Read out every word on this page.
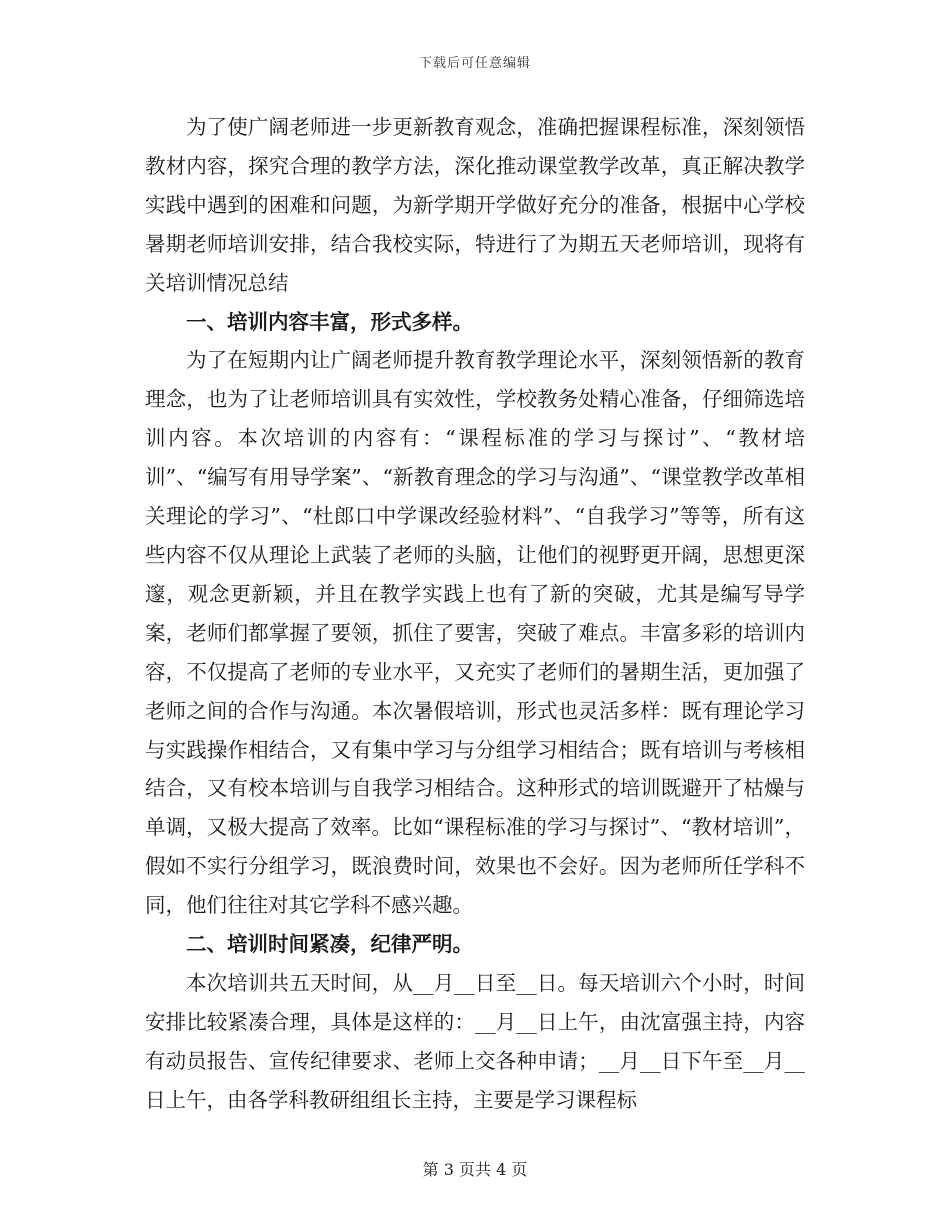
下载后可任意编辑

为了使广阔老师进一步更新教育观念，准确把握课程标准，深刻领悟教材内容，探究合理的教学方法，深化推动课堂教学改革，真正解决教学实践中遇到的困难和问题，为新学期开学做好充分的准备，根据中心学校暑期老师培训安排，结合我校实际，特进行了为期五天老师培训，现将有关培训情况总结

一、培训内容丰富，形式多样。

为了在短期内让广阔老师提升教育教学理论水平，深刻领悟新的教育理念，也为了让老师培训具有实效性，学校教务处精心准备，仔细筛选培训内容。本次培训的内容有：“课程标准的学习与探讨”、“教材培训”、“编写有用导学案”、“新教育理念的学习与沟通”、“课堂教学改革相关理论的学习”、“杜郎口中学课改经验材料”、“自我学习”等等，所有这些内容不仅从理论上武装了老师的头脑，让他们的视野更开阔，思想更深邃，观念更新颖，并且在教学实践上也有了新的突破，尤其是编写导学案，老师们都掌握了要领，抓住了要害，突破了难点。丰富多彩的培训内容，不仅提高了老师的专业水平，又充实了老师们的暑期生活，更加强了老师之间的合作与沟通。本次暑假培训，形式也灵活多样：既有理论学习与实践操作相结合，又有集中学习与分组学习相结合；既有培训与考核相结合，又有校本培训与自我学习相结合。这种形式的培训既避开了枯燥与单调，又极大提高了效率。比如“课程标准的学习与探讨”、“教材培训”，假如不实行分组学习，既浪费时间，效果也不会好。因为老师所任学科不同，他们往往对其它学科不感兴趣。

二、培训时间紧凑，纪律严明。

本次培训共五天时间，从__月__日至__日。每天培训六个小时，时间安排比较紧凑合理，具体是这样的：__月__日上午，由沈富强主持，内容有动员报告、宣传纪律要求、老师上交各种申请；__月__日下午至__月__日上午，由各学科教研组组长主持，主要是学习课程标

第 3 页共 4 页
